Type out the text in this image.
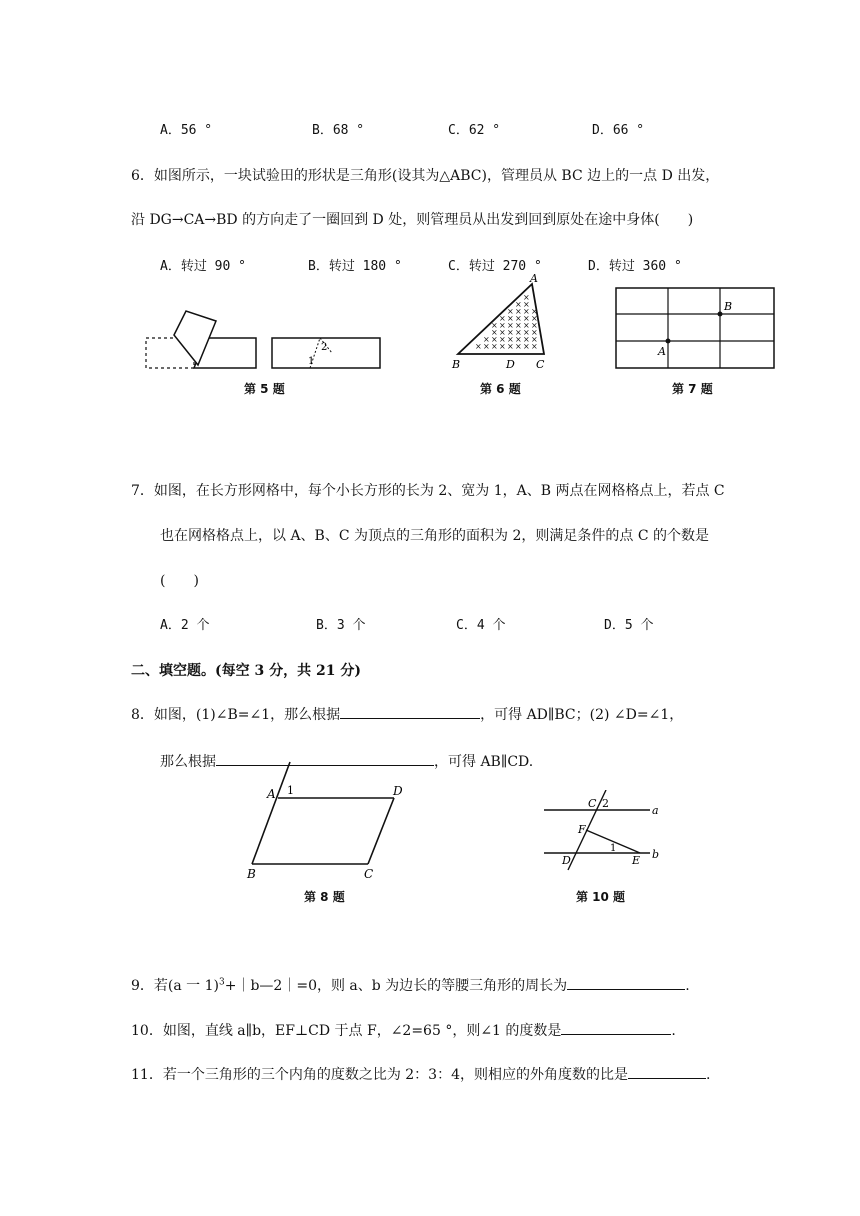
A．56 °	B．68 °	C．62 °	D．66 °
6．如图所示，一块试验田的形状是三角形(设其为△ABC)，管理员从 BC 边上的一点 D 出发，
沿 DG→CA→BD 的方向走了一圈回到 D 处，则管理员从出发到回到原处在途中身体(　　)
A．转过 90 °	B．转过 180 °	C．转过 270 °	D．转过 360 °
1
2
第 5 题
×
× ×
× × × ×
× × × × ×
× × × × × ×
× × × × × ×
× × × × × × ×
× × × × × × × ×
A
B	D C
第 6 题
A
B
第 7 题
7．如图，在长方形网格中，每个小长方形的长为 2、宽为 1，A、B 两点在网格格点上，若点 C
也在网格格点上，以 A、B、C 为顶点的三角形的面积为 2，则满足条件的点 C 的个数是
(　　)
A．2 个	B．3 个	C．4 个	D．5 个
二、填空题。(每空 3 分，共 21 分)
8．如图，(1)∠B=∠1，那么根据	，可得 AD∥BC；(2) ∠D=∠1，
那么根据	，可得 AB∥CD.
A 1	D
B	C
第 8 题
C 2
a
F
D
1
E b
第 10 题
9．若(a 一 1)$^3$+｜b—2｜=0，则 a、b 为边长的等腰三角形的周长为	.
10．如图，直线 a∥b，EF⊥CD 于点 F，∠2=65 °，则∠1 的度数是	.
11．若一个三角形的三个内角的度数之比为 2：3：4，则相应的外角度数的比是	.
